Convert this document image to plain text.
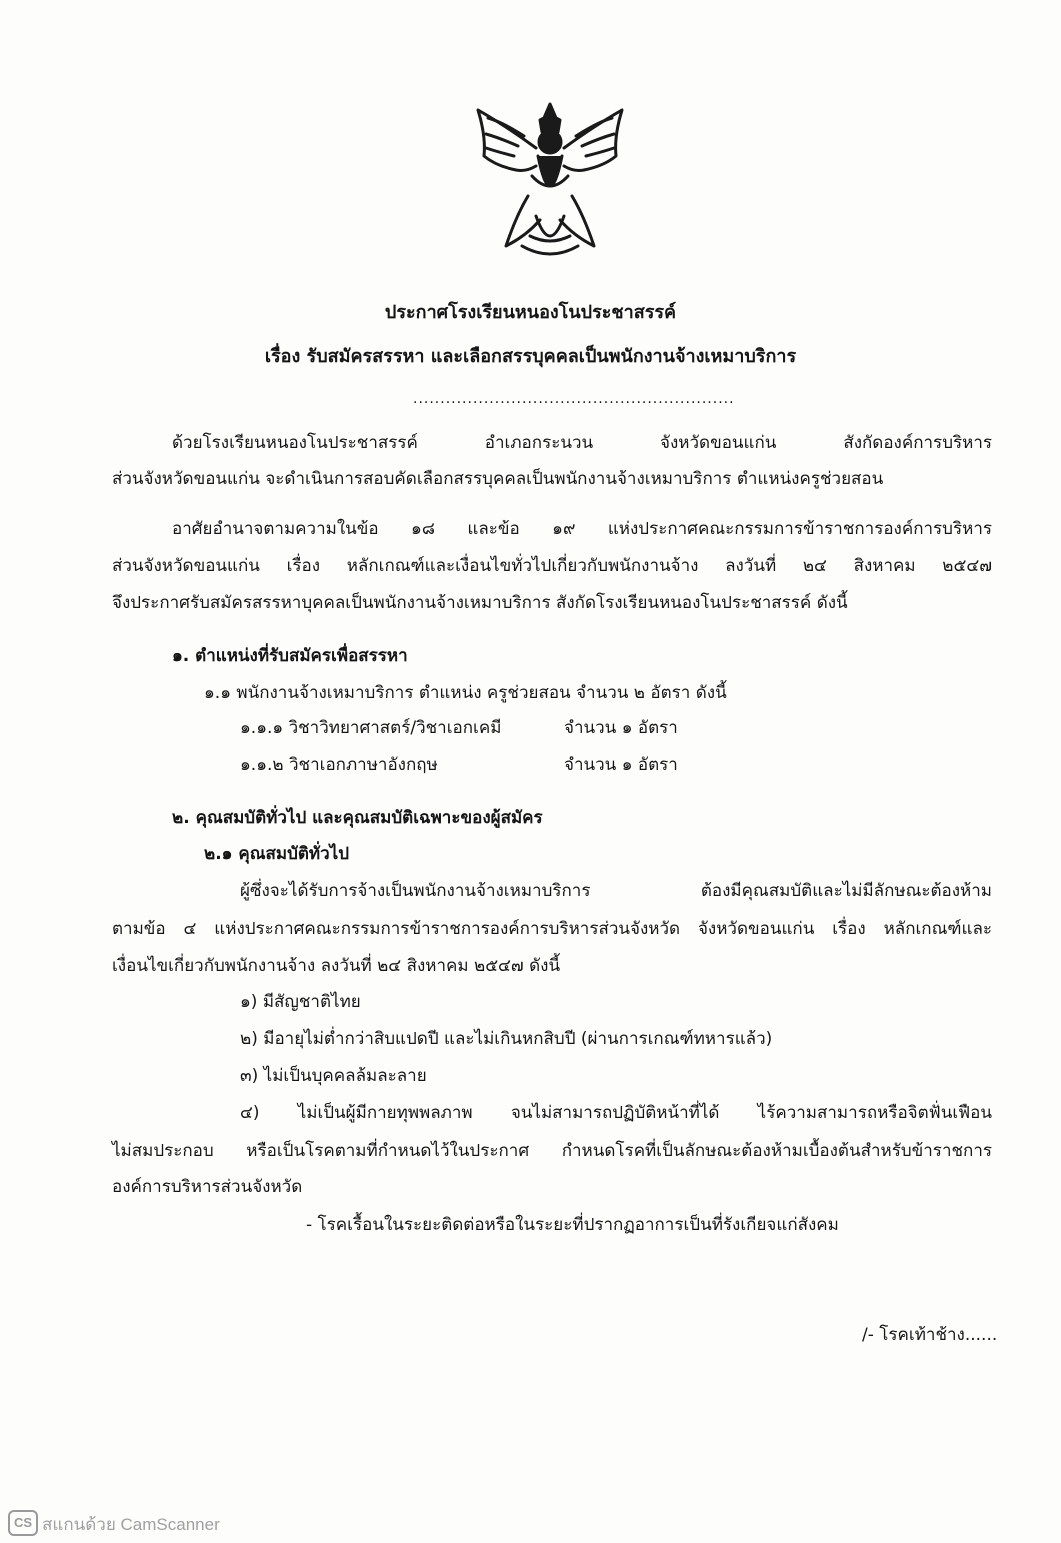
ประกาศโรงเรียนหนองโนประชาสรรค์
เรื่อง รับสมัครสรรหา และเลือกสรรบุคคลเป็นพนักงานจ้างเหมาบริการ
...........................................................
ด้วยโรงเรียนหนองโนประชาสรรค์ อำเภอกระนวน จังหวัดขอนแก่น สังกัดองค์การบริหาร
ส่วนจังหวัดขอนแก่น จะดำเนินการสอบคัดเลือกสรรบุคคลเป็นพนักงานจ้างเหมาบริการ ตำแหน่งครูช่วยสอน
อาศัยอำนาจตามความในข้อ ๑๘ และข้อ ๑๙ แห่งประกาศคณะกรรมการข้าราชการองค์การบริหาร
ส่วนจังหวัดขอนแก่น เรื่อง หลักเกณฑ์และเงื่อนไขทั่วไปเกี่ยวกับพนักงานจ้าง ลงวันที่ ๒๔ สิงหาคม ๒๕๔๗
จึงประกาศรับสมัครสรรหาบุคคลเป็นพนักงานจ้างเหมาบริการ สังกัดโรงเรียนหนองโนประชาสรรค์ ดังนี้
๑. ตำแหน่งที่รับสมัครเพื่อสรรหา
๑.๑ พนักงานจ้างเหมาบริการ ตำแหน่ง ครูช่วยสอน จำนวน ๒ อัตรา ดังนี้
๑.๑.๑ วิชาวิทยาศาสตร์/วิชาเอกเคมี	จำนวน ๑ อัตรา
๑.๑.๒ วิชาเอกภาษาอังกฤษ	จำนวน ๑ อัตรา
๒. คุณสมบัติทั่วไป และคุณสมบัติเฉพาะของผู้สมัคร
๒.๑ คุณสมบัติทั่วไป
ผู้ซึ่งจะได้รับการจ้างเป็นพนักงานจ้างเหมาบริการ ต้องมีคุณสมบัติและไม่มีลักษณะต้องห้าม
ตามข้อ ๔ แห่งประกาศคณะกรรมการข้าราชการองค์การบริหารส่วนจังหวัด จังหวัดขอนแก่น เรื่อง หลักเกณฑ์และ
เงื่อนไขเกี่ยวกับพนักงานจ้าง ลงวันที่ ๒๔ สิงหาคม ๒๕๔๗ ดังนี้
๑) มีสัญชาติไทย
๒) มีอายุไม่ต่ำกว่าสิบแปดปี และไม่เกินหกสิบปี (ผ่านการเกณฑ์ทหารแล้ว)
๓) ไม่เป็นบุคคลล้มละลาย
๔) ไม่เป็นผู้มีกายทุพพลภาพ จนไม่สามารถปฏิบัติหน้าที่ได้ ไร้ความสามารถหรือจิตฟั่นเฟือน
ไม่สมประกอบ หรือเป็นโรคตามที่กำหนดไว้ในประกาศ กำหนดโรคที่เป็นลักษณะต้องห้ามเบื้องต้นสำหรับข้าราชการ
องค์การบริหารส่วนจังหวัด
- โรคเรื้อนในระยะติดต่อหรือในระยะที่ปรากฏอาการเป็นที่รังเกียจแก่สังคม
/- โรคเท้าช้าง......
CS สแกนด้วย CamScanner
